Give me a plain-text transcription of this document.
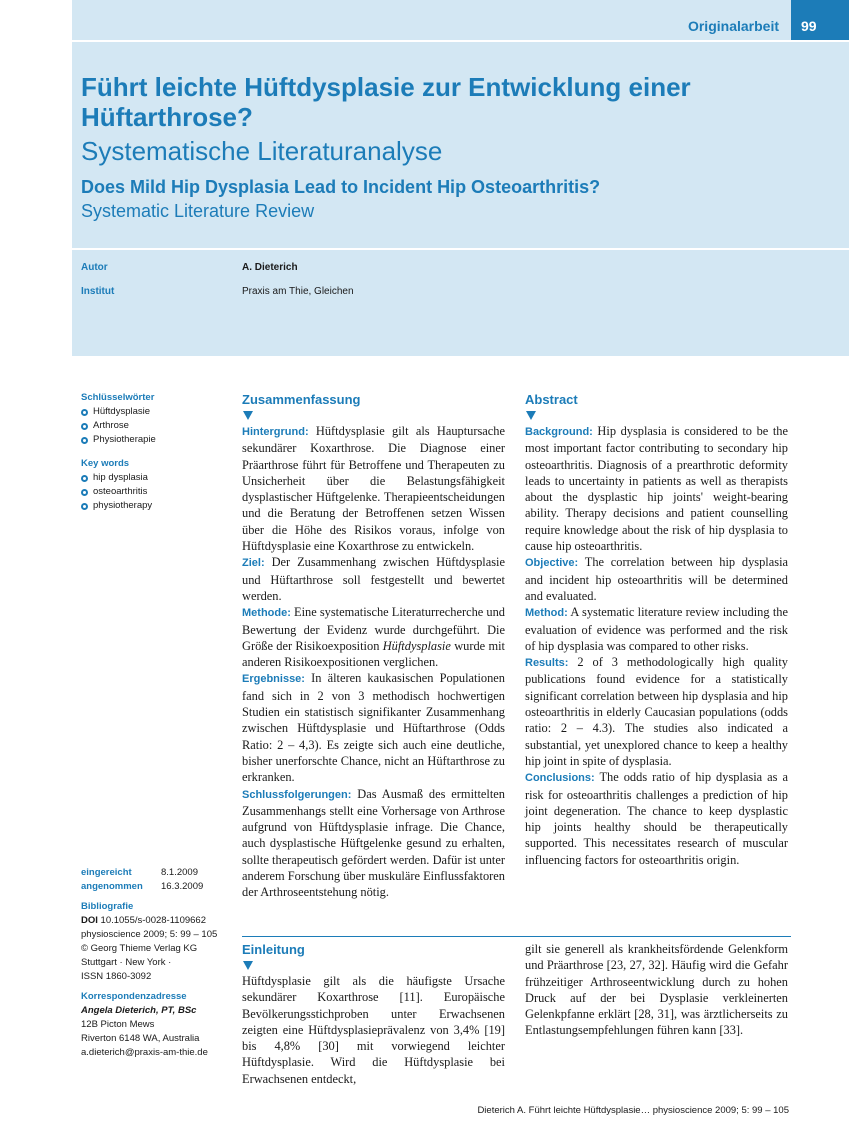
Originalarbeit	99
Führt leichte Hüftdysplasie zur Entwicklung einer Hüftarthrose?
Systematische Literaturanalyse
Does Mild Hip Dysplasia Lead to Incident Hip Osteoarthritis?
Systematic Literature Review
Autor	A. Dieterich
Institut	Praxis am Thie, Gleichen
Schlüsselwörter
Hüftdysplasie
Arthrose
Physiotherapie
Key words
hip dysplasia
osteoarthritis
physiotherapy
eingereicht	8.1.2009
angenommen	16.3.2009
Bibliografie
DOI 10.1055/s-0028-1109662
physioscience 2009; 5: 99 – 105
© Georg Thieme Verlag KG
Stuttgart · New York ·
ISSN 1860-3092
Korrespondenzadresse
Angela Dieterich, PT, BSc
12B Picton Mews
Riverton 6148 WA, Australia
a.dieterich@praxis-am-thie.de
Zusammenfassung

Hintergrund: Hüftdysplasie gilt als Hauptursache sekundärer Koxarthrose. Die Diagnose einer Präarthrose führt für Betroffene und Therapeuten zu Unsicherheit über die Belastungsfähigkeit dysplastischer Hüftgelenke. Therapieentscheidungen und die Beratung der Betroffenen setzen Wissen über die Höhe des Risikos voraus, infolge von Hüftdysplasie eine Koxarthrose zu entwickeln.

Ziel: Der Zusammenhang zwischen Hüftdysplasie und Hüftarthrose soll festgestellt und bewertet werden.

Methode: Eine systematische Literaturrecherche und Bewertung der Evidenz wurde durchgeführt. Die Größe der Risikoexposition Hüftdysplasie wurde mit anderen Risikoexpositionen verglichen.

Ergebnisse: In älteren kaukasischen Populationen fand sich in 2 von 3 methodisch hochwertigen Studien ein statistisch signifikanter Zusammenhang zwischen Hüftdysplasie und Hüftarthrose (Odds Ratio: 2 – 4,3). Es zeigte sich auch eine deutliche, bisher unerforschte Chance, nicht an Hüftarthrose zu erkranken.

Schlussfolgerungen: Das Ausmaß des ermittelten Zusammenhangs stellt eine Vorhersage von Arthrose aufgrund von Hüftdysplasie infrage. Die Chance, auch dysplastische Hüftgelenke gesund zu erhalten, sollte therapeutisch gefördert werden. Dafür ist unter anderem Forschung über muskuläre Einflussfaktoren der Arthroseentstehung nötig.

Abstract

Background: Hip dysplasia is considered to be the most important factor contributing to secondary hip osteoarthritis. Diagnosis of a prearthrotic deformity leads to uncertainty in patients as well as therapists about the dysplastic hip joints' weight-bearing ability. Therapy decisions and patient counselling require knowledge about the risk of hip dysplasia to cause hip osteoarthritis.

Objective: The correlation between hip dysplasia and incident hip osteoarthritis will be determined and evaluated.

Method: A systematic literature review including the evaluation of evidence was performed and the risk of hip dysplasia was compared to other risks.

Results: 2 of 3 methodologically high quality publications found evidence for a statistically significant correlation between hip dysplasia and hip osteoarthritis in elderly Caucasian populations (odds ratio: 2 – 4.3). The studies also indicated a substantial, yet unexplored chance to keep a healthy hip joint in spite of dysplasia.

Conclusions: The odds ratio of hip dysplasia as a risk for osteoarthritis challenges a prediction of hip joint degeneration. The chance to keep dysplastic hip joints healthy should be therapeutically supported. This necessitates research of muscular influencing factors for osteoarthritis origin.

Einleitung

Hüftdysplasie gilt als die häufigste Ursache sekundärer Koxarthrose [11]. Europäische Bevölkerungsstichproben unter Erwachsenen zeigten eine Hüftdysplasieprävalenz von 3,4% [19] bis 4,8% [30] mit vorwiegend leichter Hüftdysplasie. Wird die Hüftdysplasie bei Erwachsenen entdeckt,

gilt sie generell als krankheitsfördende Gelenkform und Präarthrose [23, 27, 32]. Häufig wird die Gefahr frühzeitiger Arthroseentwicklung durch zu hohen Druck auf der bei Dysplasie verkleinerten Gelenkpfanne erklärt [28, 31], was ärztlicherseits zu Entlastungsempfehlungen führen kann [33].

Dieterich A. Führt leichte Hüftdysplasie… physioscience 2009; 5: 99 – 105
